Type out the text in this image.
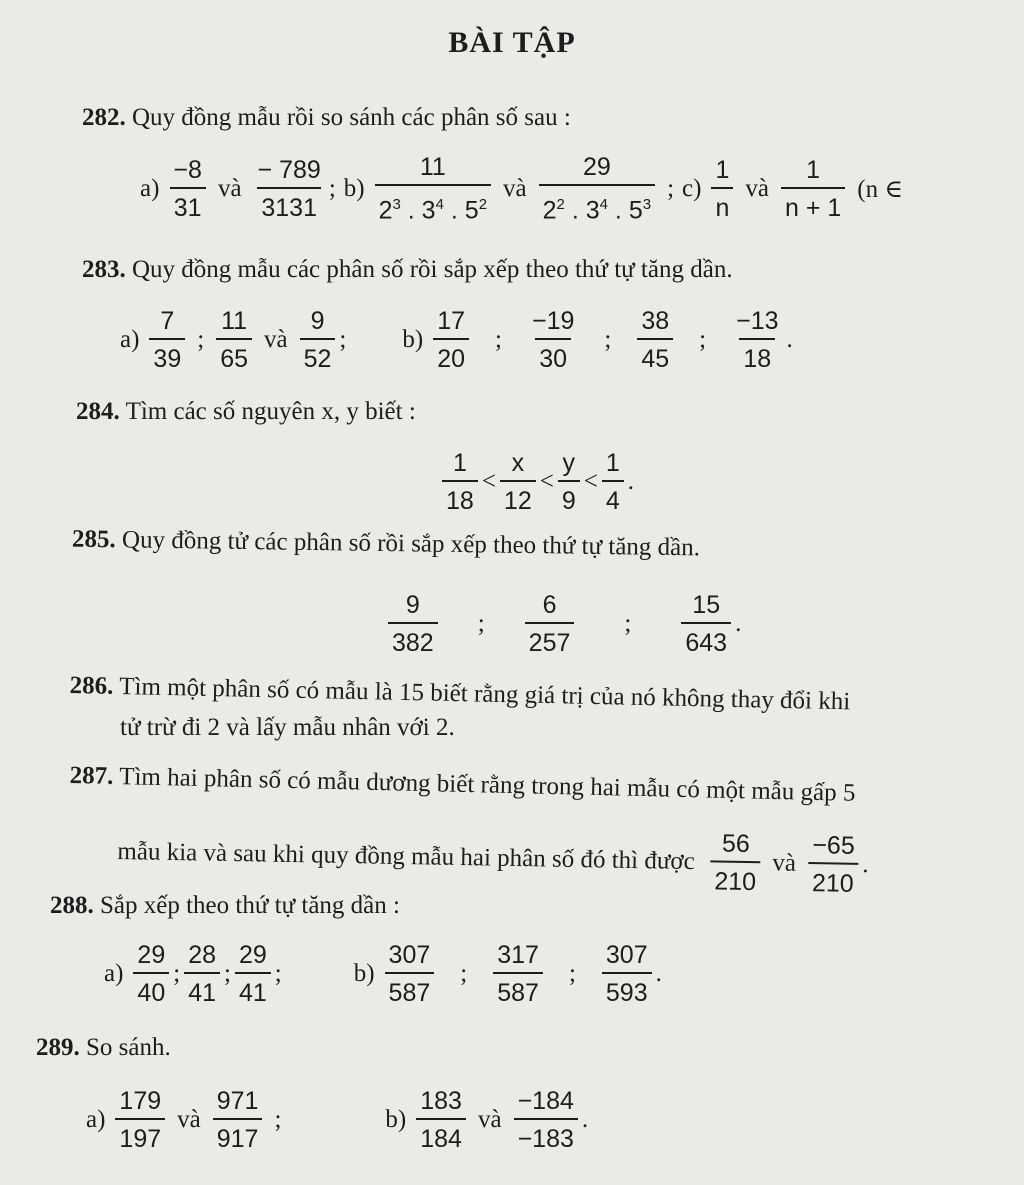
BÀI TẬP
282. Quy đồng mẫu rồi so sánh các phân số sau :
$a) \frac{-8}{31}$ và $\frac{- 789}{3131}$ ; $b) \frac{11}{2^3 . 3^4 . 5^2}$ và $\frac{29}{2^2 . 3^4 . 5^3}$ ; $c) \frac{1}{n}$ và $\frac{1}{n + 1} (n$ ∈
283. Quy đồng mẫu các phân số rồi sắp xếp theo thứ tự tăng dần.
$a) \frac{7}{39}$ ; $\frac{11}{65}$ và $\frac{9}{52}$ ; $b) \frac{17}{20}$ ; $\frac{-19}{30}$ ; $\frac{38}{45}$ ; $\frac{-13}{18}$ .
284. Tìm các số nguyên x, y biết :
$\frac{1}{18} < \frac{x}{12} < \frac{y}{9} < \frac{1}{4}$ .
285. Quy đồng tử các phân số rồi sắp xếp theo thứ tự tăng dần.
$\frac{9}{382}$ ; $\frac{6}{257}$ ; $\frac{15}{643}$ .
286. Tìm một phân số có mẫu là 15 biết rằng giá trị của nó không thay đổi khi
tử trừ đi 2 và lấy mẫu nhân với 2.
287. Tìm hai phân số có mẫu dương biết rằng trong hai mẫu có một mẫu gấp 5
mẫu kia và sau khi quy đồng mẫu hai phân số đó thì được $\frac{56}{210}$ và $\frac{-65}{210}$ .
288. Sắp xếp theo thứ tự tăng dần :
$a) \frac{29}{40}$ ; $\frac{28}{41}$ ; $\frac{29}{41}$ ;	$b) \frac{307}{587}$ ; $\frac{317}{587}$ ; $\frac{307}{593}$ .
289. So sánh.
$a) \frac{179}{197}$ và $\frac{971}{917}$ ;	$b) \frac{183}{184}$ và $\frac{-184}{-183}$ .
